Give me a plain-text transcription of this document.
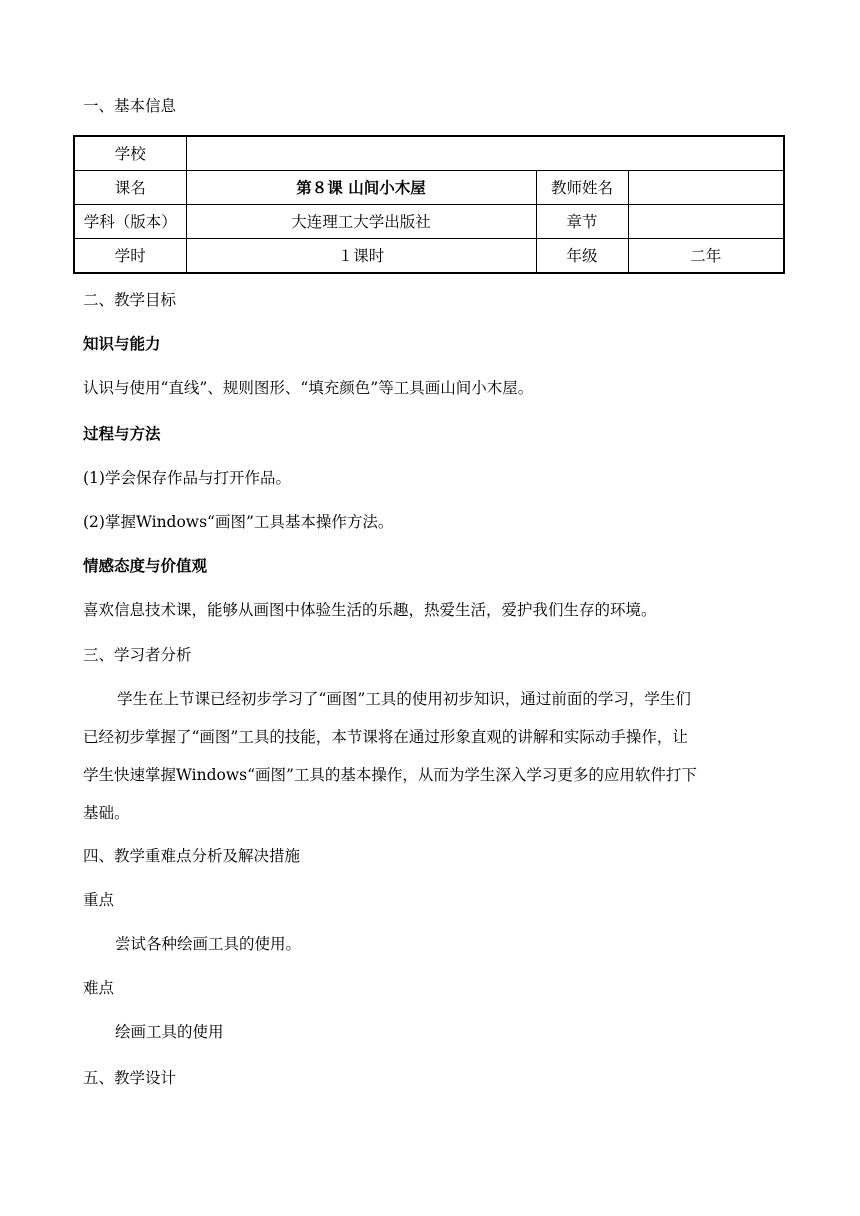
一、基本信息
学校			
课名	第８课 山间小木屋	教师姓名	
学科（版本）	大连理工大学出版社	章节	
学时	１课时	年级	二年
二、教学目标
知识与能力
认识与使用“直线”、规则图形、“填充颜色”等工具画山间小木屋。
过程与方法
(1)学会保存作品与打开作品。
(2)掌握Windows“画图”工具基本操作方法。
情感态度与价值观
喜欢信息技术课，能够从画图中体验生活的乐趣，热爱生活，爱护我们生存的环境。
三、学习者分析
学生在上节课已经初步学习了“画图”工具的使用初步知识，通过前面的学习，学生们
已经初步掌握了“画图”工具的技能，本节课将在通过形象直观的讲解和实际动手操作，让
学生快速掌握Windows“画图”工具的基本操作，从而为学生深入学习更多的应用软件打下
基础。
四、教学重难点分析及解决措施
重点
尝试各种绘画工具的使用。
难点
绘画工具的使用
五、教学设计
